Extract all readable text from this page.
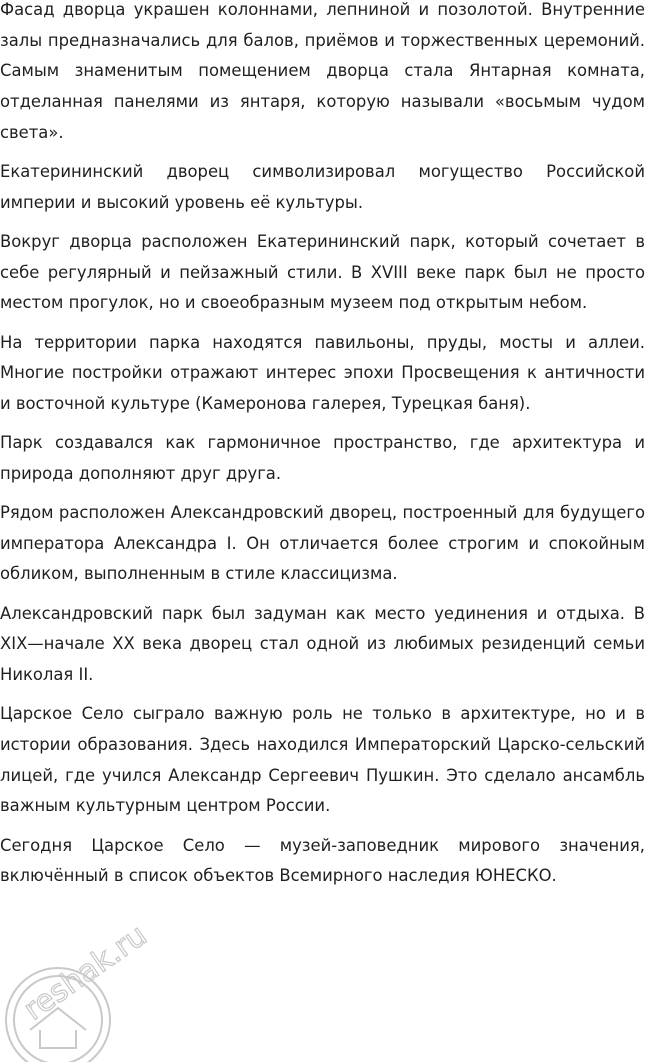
Фасад дворца украшен колоннами, лепниной и позолотой. Внутренние залы предназначались для балов, приёмов и торжественных церемоний. Самым знаменитым помещением дворца стала Янтарная комната, отделанная панелями из янтаря, которую называли «восьмым чудом света».

Екатерининский дворец символизировал могущество Российской империи и высокий уровень её культуры.

Вокруг дворца расположен Екатерининский парк, который сочетает в себе регулярный и пейзажный стили. В XVIII веке парк был не просто местом прогулок, но и своеобразным музеем под открытым небом.

На территории парка находятся павильоны, пруды, мосты и аллеи. Многие постройки отражают интерес эпохи Просвещения к античности и восточной культуре (Камеронова галерея, Турецкая баня).

Парк создавался как гармоничное пространство, где архитектура и природа дополняют друг друга.

Рядом расположен Александровский дворец, построенный для будущего императора Александра I. Он отличается более строгим и спокойным обликом, выполненным в стиле классицизма.

Александровский парк был задуман как место уединения и отдыха. В XIX—начале XX века дворец стал одной из любимых резиденций семьи Николая II.

Царское Село сыграло важную роль не только в архитектуре, но и в истории образования. Здесь находился Императорский Царско-сельский лицей, где учился Александр Сергеевич Пушкин. Это сделало ансамбль важным культурным центром России.

Сегодня Царское Село — музей-заповедник мирового значения, включённый в список объектов Всемирного наследия ЮНЕСКО.

reshak.ru
